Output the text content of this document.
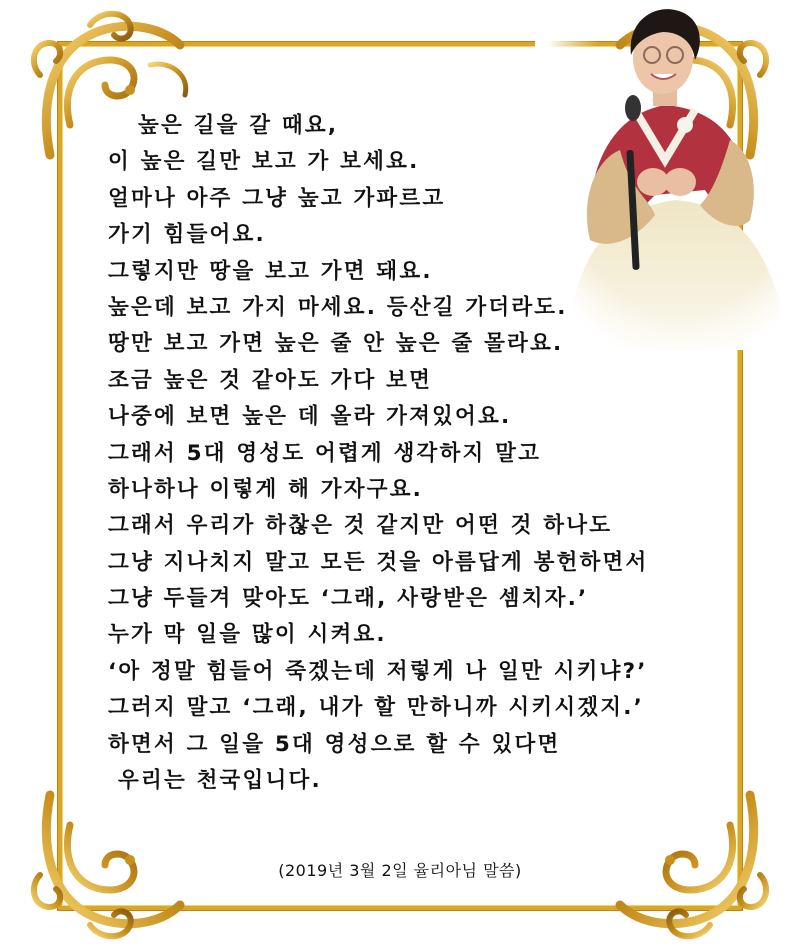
높은 길을 갈 때요,
이 높은 길만 보고 가 보세요.
얼마나 아주 그냥 높고 가파르고
가기 힘들어요.
그렇지만 땅을 보고 가면 돼요.
높은데 보고 가지 마세요. 등산길 가더라도.
땅만 보고 가면 높은 줄 안 높은 줄 몰라요.
조금 높은 것 같아도 가다 보면
나중에 보면 높은 데 올라 가져있어요.
그래서 5대 영성도 어렵게 생각하지 말고
하나하나 이렇게 해 가자구요.
그래서 우리가 하찮은 것 같지만 어떤 것 하나도
그냥 지나치지 말고 모든 것을 아름답게 봉헌하면서
그냥 두들겨 맞아도 ‘그래, 사랑받은 셈치자.’
누가 막 일을 많이 시켜요.
‘아 정말 힘들어 죽겠는데 저렇게 나 일만 시키냐?’
그러지 말고 ‘그래, 내가 할 만하니까 시키시겠지.’
하면서 그 일을 5대 영성으로 할 수 있다면
우리는 천국입니다.
(2019년 3월 2일 율리아님 말씀)
